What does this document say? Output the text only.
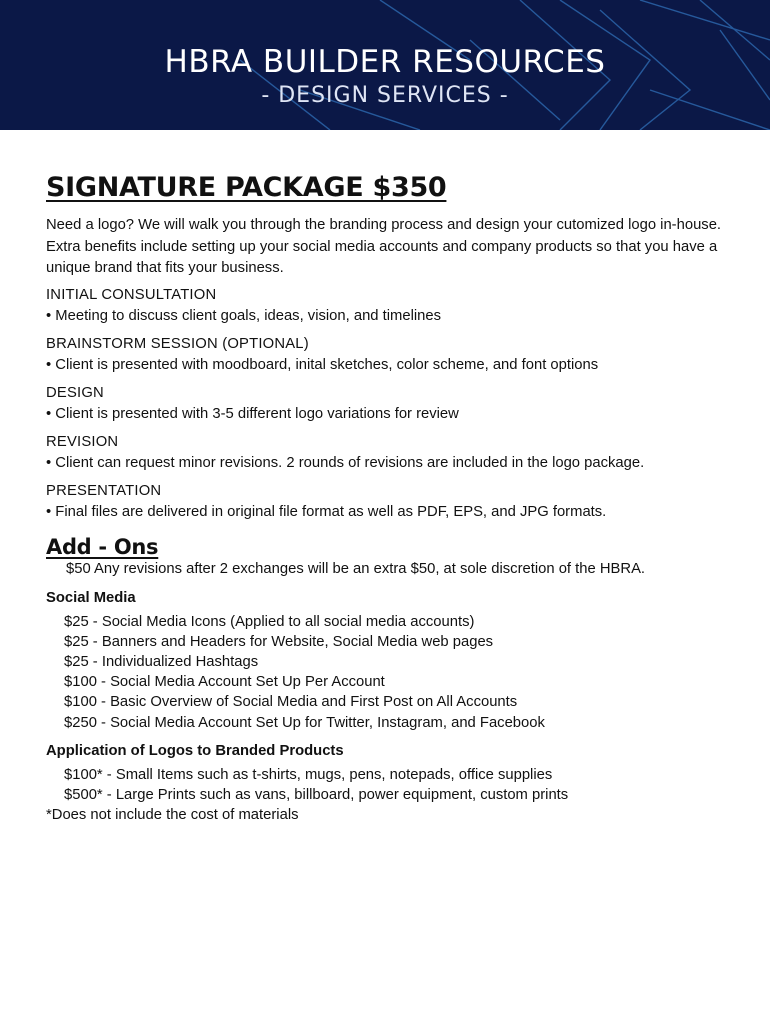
HBRA BUILDER RESOURCES
- DESIGN SERVICES -
SIGNATURE PACKAGE $350
Need a logo? We will walk you through the branding process and design your cutomized logo in-house. Extra benefits include setting up your social media accounts and company products so that you have a unique brand that fits your business.
INITIAL CONSULTATION
• Meeting to discuss client goals, ideas, vision, and timelines
BRAINSTORM SESSION (OPTIONAL)
• Client is presented with moodboard, inital sketches, color scheme, and font options
DESIGN
• Client is presented with 3-5 different logo variations for review
REVISION
• Client can request minor revisions. 2 rounds of revisions are included in the logo package.
PRESENTATION
• Final files are delivered in original file format as well as PDF, EPS, and JPG formats.
Add - Ons
$50 Any revisions after 2 exchanges will be an extra $50, at sole discretion of the HBRA.
Social Media
$25 - Social Media Icons (Applied to all social media accounts)
$25 - Banners and Headers for Website, Social Media web pages
$25 - Individualized Hashtags
$100 - Social Media Account Set Up Per Account
$100 - Basic Overview of Social Media and First Post on All Accounts
$250 - Social Media Account Set Up for Twitter, Instagram, and Facebook
Application of Logos to Branded Products
$100* - Small Items such as t-shirts, mugs, pens, notepads, office supplies
$500* - Large Prints such as vans, billboard, power equipment, custom prints
*Does not include the cost of materials
